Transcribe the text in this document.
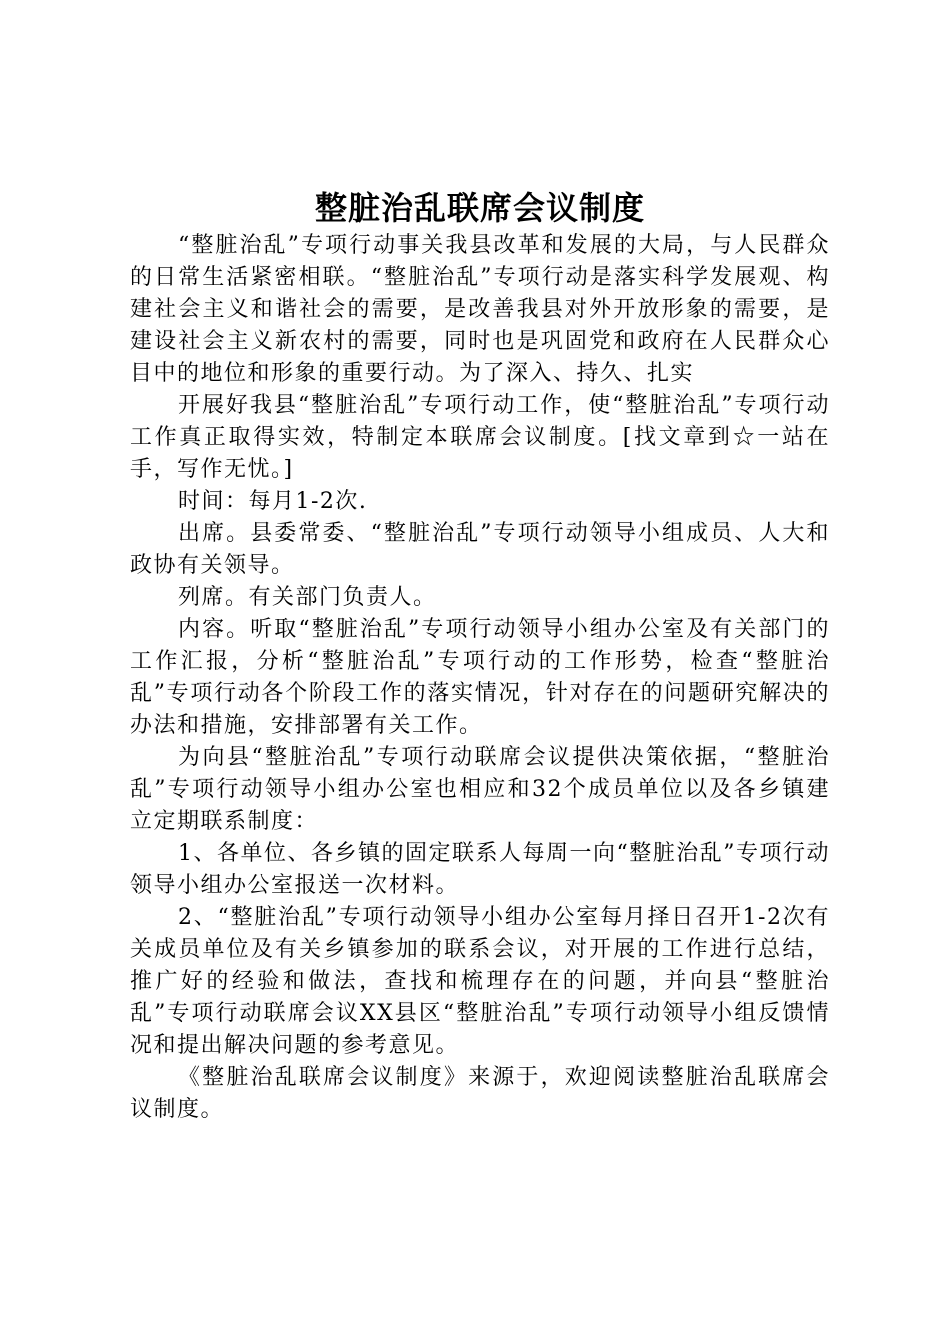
整脏治乱联席会议制度

“整脏治乱”专项行动事关我县改革和发展的大局，与人民群众的日常生活紧密相联。“整脏治乱”专项行动是落实科学发展观、构建社会主义和谐社会的需要，是改善我县对外开放形象的需要，是建设社会主义新农村的需要，同时也是巩固党和政府在人民群众心目中的地位和形象的重要行动。为了深入、持久、扎实

开展好我县“整脏治乱”专项行动工作，使“整脏治乱”专项行动工作真正取得实效，特制定本联席会议制度。[找文章到☆一站在手，写作无忧。]

时间：每月1-2次.

出席。县委常委、“整脏治乱”专项行动领导小组成员、人大和政协有关领导。

列席。有关部门负责人。

内容。听取“整脏治乱”专项行动领导小组办公室及有关部门的工作汇报，分析“整脏治乱”专项行动的工作形势，检查“整脏治乱”专项行动各个阶段工作的落实情况，针对存在的问题研究解决的办法和措施，安排部署有关工作。

为向县“整脏治乱”专项行动联席会议提供决策依据，“整脏治乱”专项行动领导小组办公室也相应和32个成员单位以及各乡镇建立定期联系制度：

1、各单位、各乡镇的固定联系人每周一向“整脏治乱”专项行动领导小组办公室报送一次材料。

2、“整脏治乱”专项行动领导小组办公室每月择日召开1-2次有关成员单位及有关乡镇参加的联系会议，对开展的工作进行总结，推广好的经验和做法，查找和梳理存在的问题，并向县“整脏治乱”专项行动联席会议XX县区“整脏治乱”专项行动领导小组反馈情况和提出解决问题的参考意见。

《整脏治乱联席会议制度》来源于，欢迎阅读整脏治乱联席会议制度。
